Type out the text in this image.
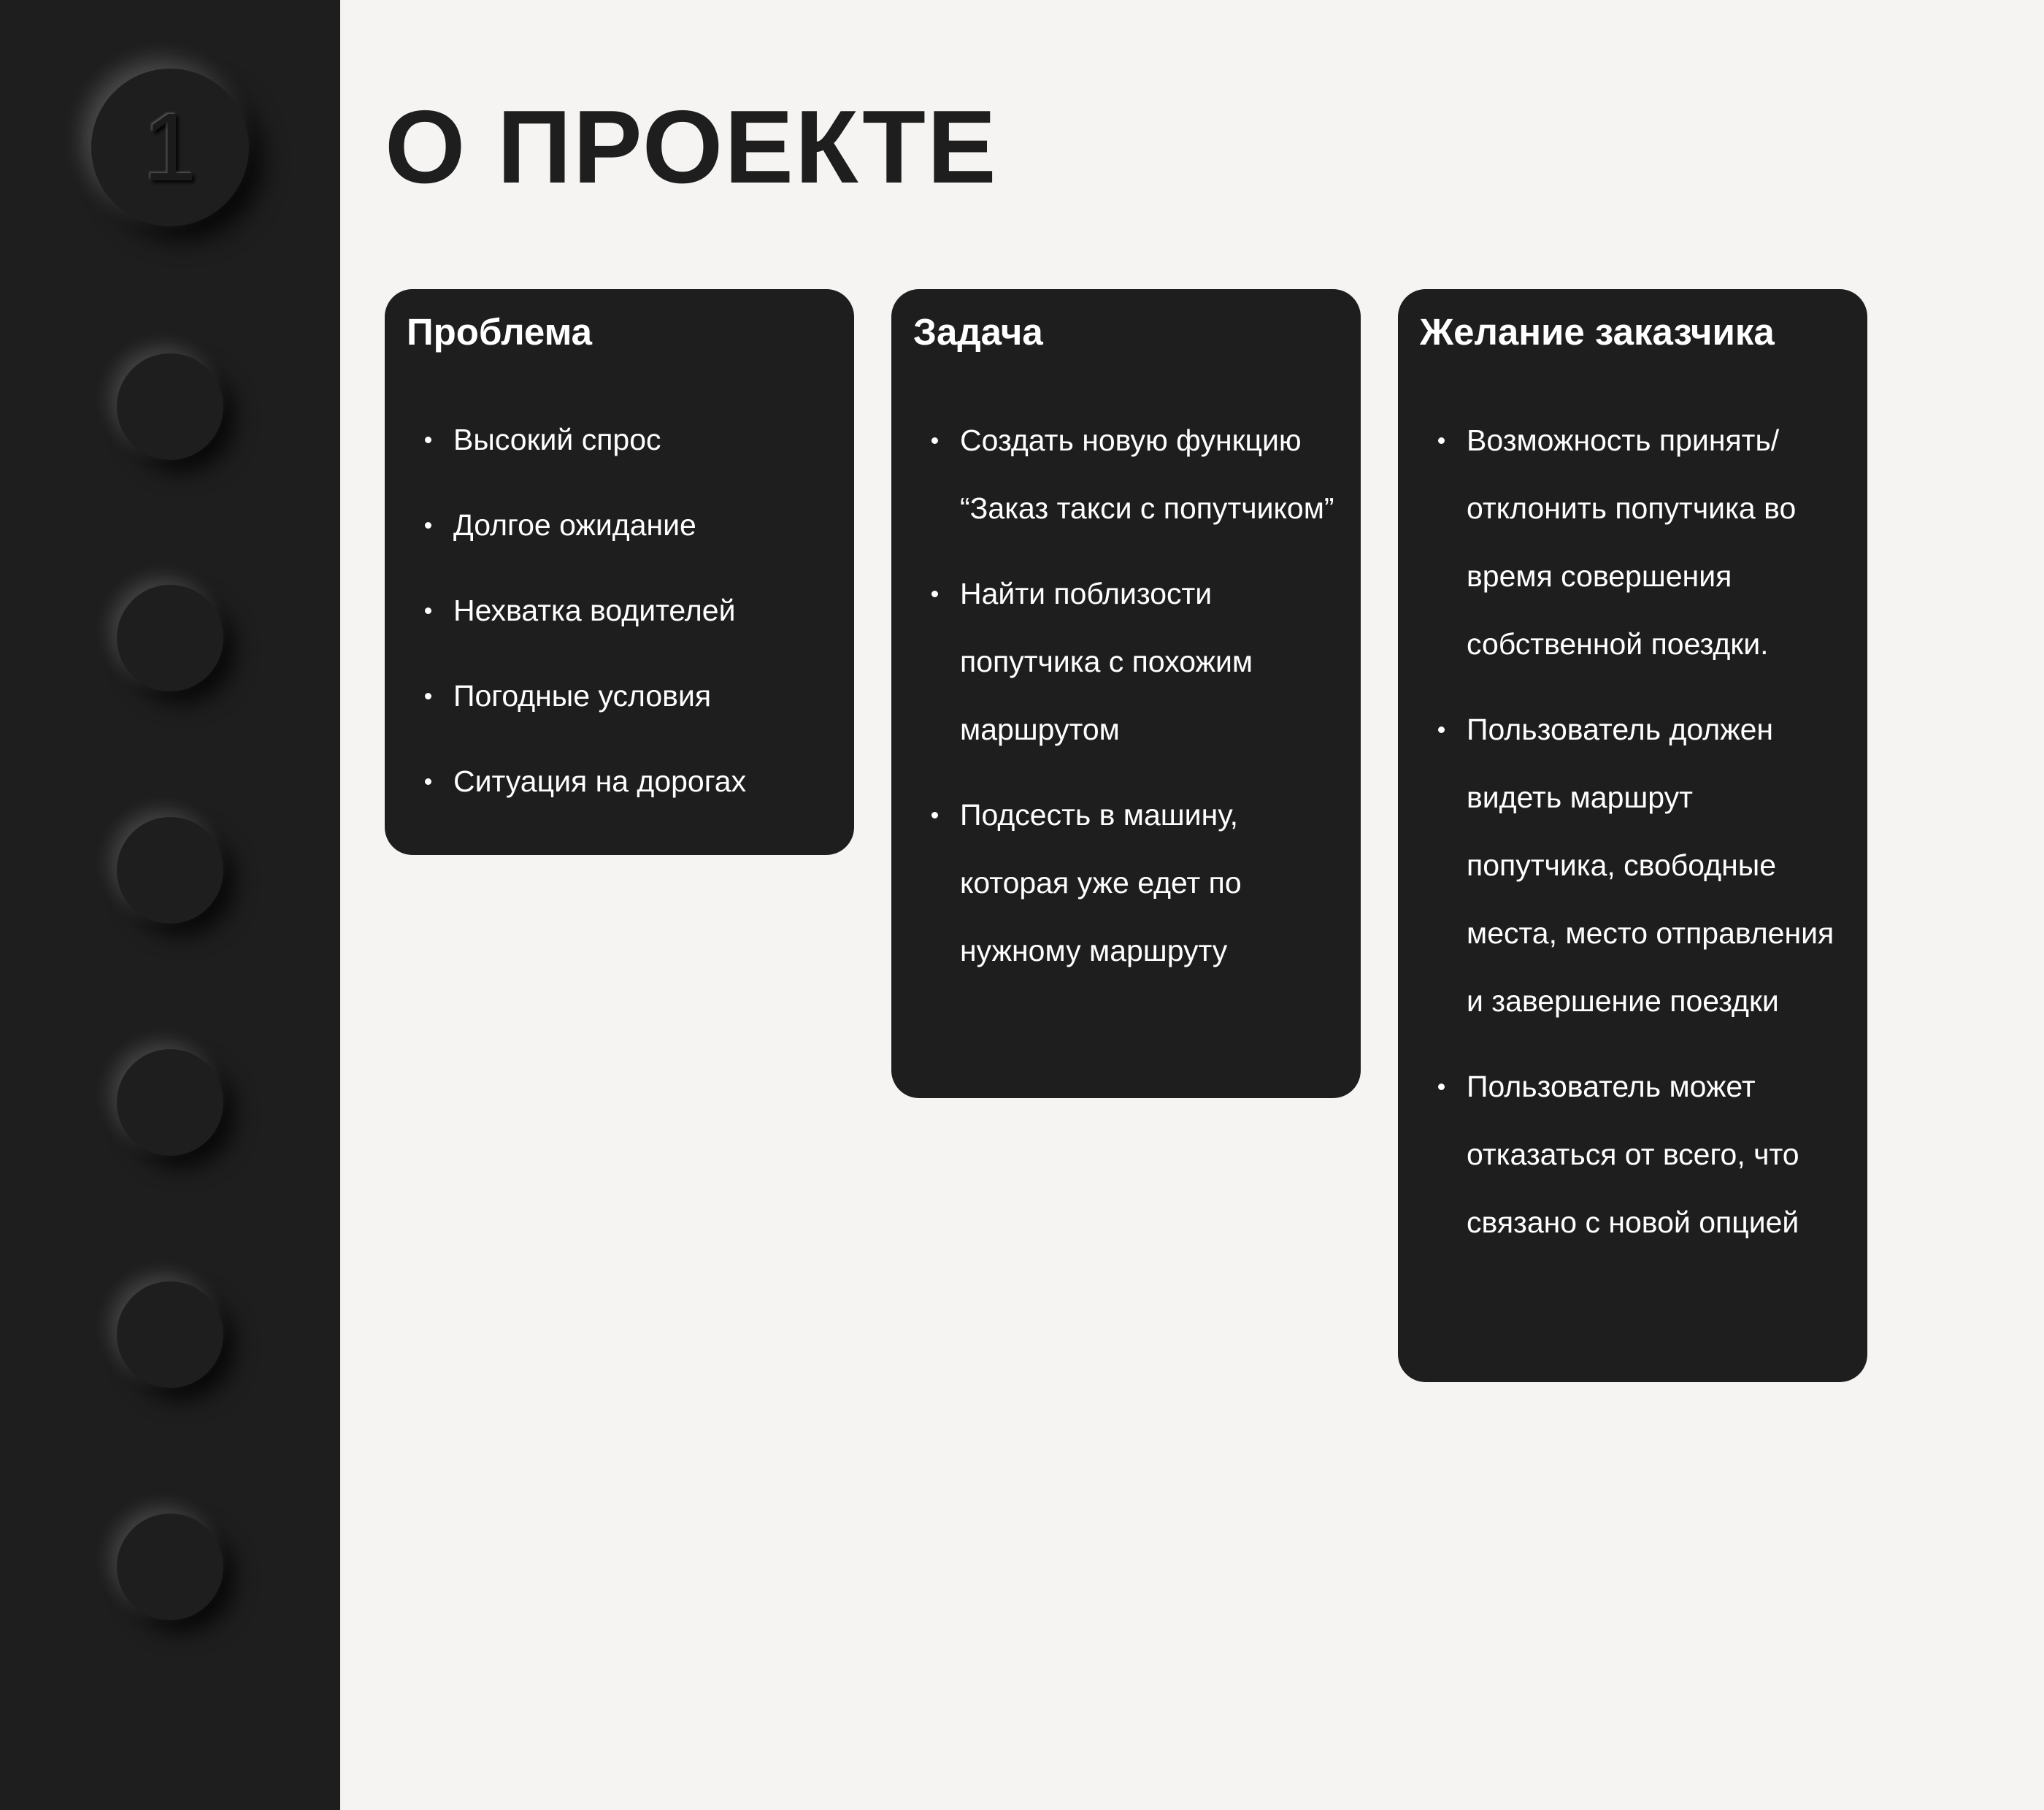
1	О ПРОЕКТЕ
Проблема
Высокий спрос
Долгое ожидание
Нехватка водителей
Погодные условия
Ситуация на дорогах
Задача
Создать новую функцию “Заказ такси с попутчиком”
Найти поблизости попутчика с похожим маршрутом
Подсесть в машину, которая уже едет по нужному маршруту
Желание заказчика
Возможность принять/отклонить попутчика во время совершения собственной поездки.
Пользователь должен видеть маршрут попутчика, свободные места, место отправления и завершение поездки
Пользователь может отказаться от всего, что связано с новой опцией
